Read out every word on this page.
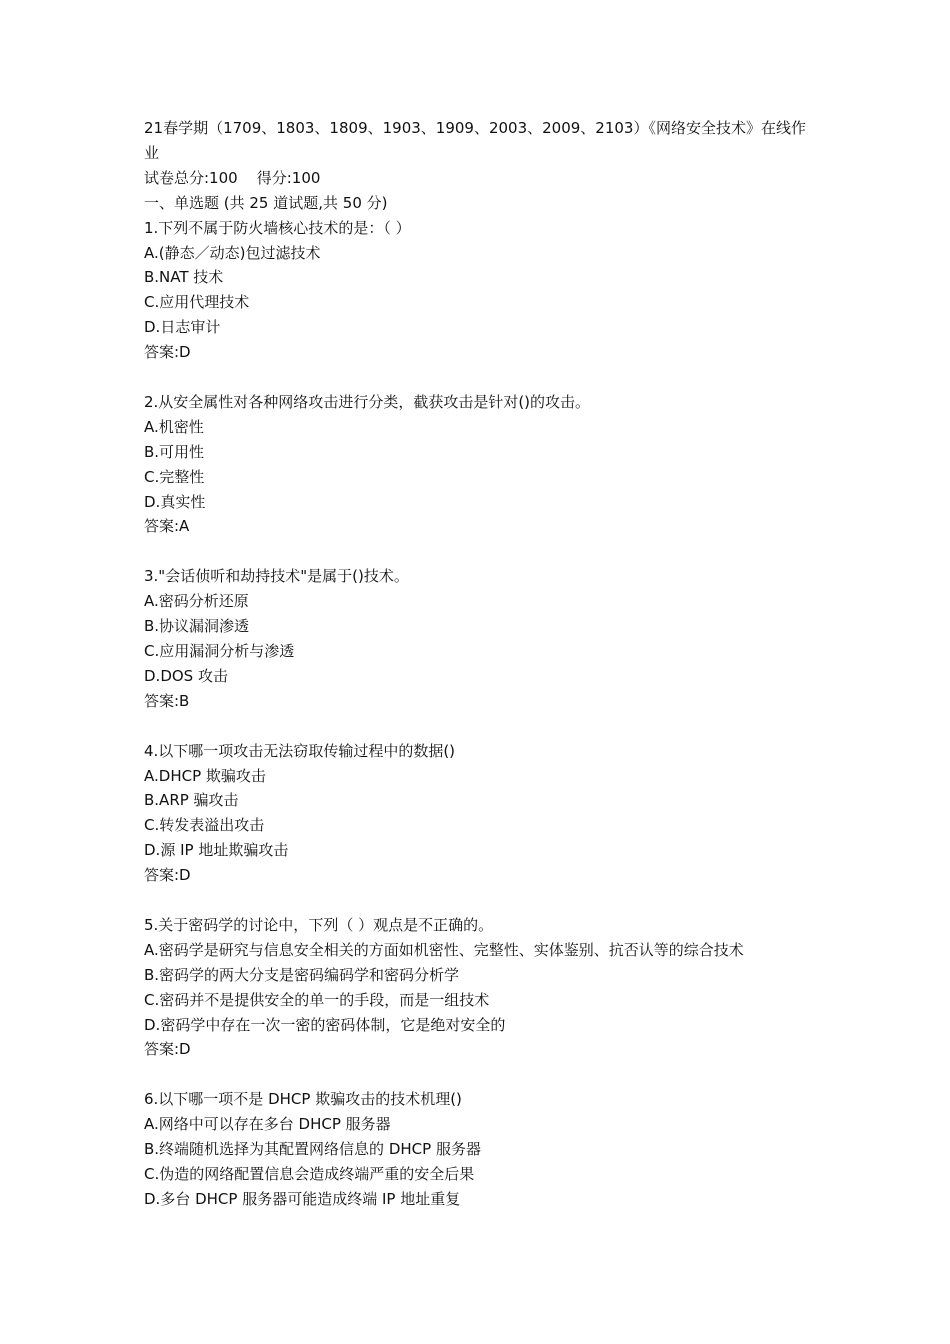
21春学期（1709、1803、1809、1903、1909、2003、2009、2103）《网络安全技术》在线作业
试卷总分:100    得分:100
一、单选题 (共 25 道试题,共 50 分)
1.下列不属于防火墙核心技术的是：（ ）
A.(静态／动态)包过滤技术
B.NAT 技术
C.应用代理技术
D.日志审计
答案:D
2.从安全属性对各种网络攻击进行分类，截获攻击是针对()的攻击。
A.机密性
B.可用性
C.完整性
D.真实性
答案:A
3."会话侦听和劫持技术"是属于()技术。
A.密码分析还原
B.协议漏洞渗透
C.应用漏洞分析与渗透
D.DOS 攻击
答案:B
4.以下哪一项攻击无法窃取传输过程中的数据()
A.DHCP 欺骗攻击
B.ARP 骗攻击
C.转发表溢出攻击
D.源 IP 地址欺骗攻击
答案:D
5.关于密码学的讨论中，下列（ ）观点是不正确的。
A.密码学是研究与信息安全相关的方面如机密性、完整性、实体鉴别、抗否认等的综合技术
B.密码学的两大分支是密码编码学和密码分析学
C.密码并不是提供安全的单一的手段，而是一组技术
D.密码学中存在一次一密的密码体制，它是绝对安全的
答案:D
6.以下哪一项不是 DHCP 欺骗攻击的技术机理()
A.网络中可以存在多台 DHCP 服务器
B.终端随机选择为其配置网络信息的 DHCP 服务器
C.伪造的网络配置信息会造成终端严重的安全后果
D.多台 DHCP 服务器可能造成终端 IP 地址重复
